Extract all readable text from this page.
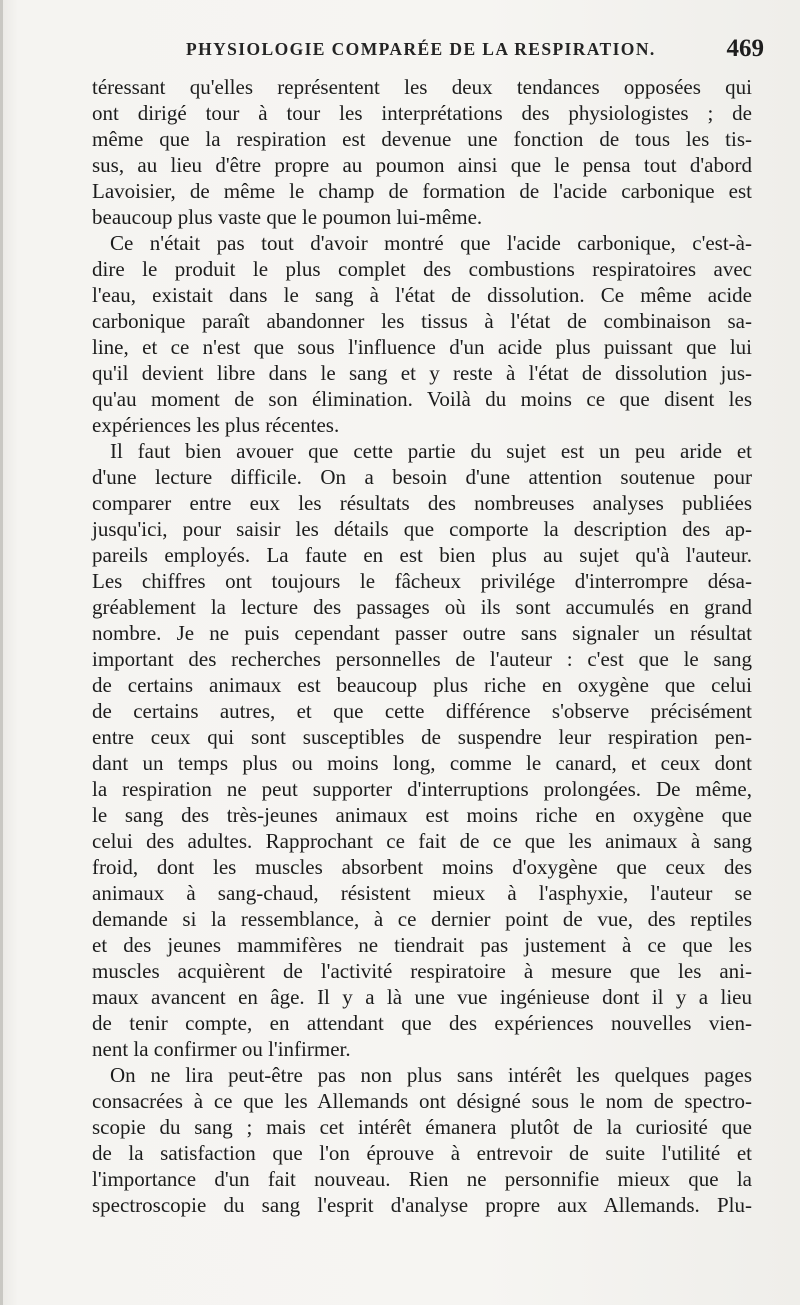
PHYSIOLOGIE COMPARÉE DE LA RESPIRATION.	469
téressant qu'elles représentent les deux tendances opposées qui
ont dirigé tour à tour les interprétations des physiologistes ; de
même que la respiration est devenue une fonction de tous les tis-
sus, au lieu d'être propre au poumon ainsi que le pensa tout d'abord
Lavoisier, de même le champ de formation de l'acide carbonique est
beaucoup plus vaste que le poumon lui-même.
Ce n'était pas tout d'avoir montré que l'acide carbonique, c'est-à-
dire le produit le plus complet des combustions respiratoires avec
l'eau, existait dans le sang à l'état de dissolution. Ce même acide
carbonique paraît abandonner les tissus à l'état de combinaison sa-
line, et ce n'est que sous l'influence d'un acide plus puissant que lui
qu'il devient libre dans le sang et y reste à l'état de dissolution jus-
qu'au moment de son élimination. Voilà du moins ce que disent les
expériences les plus récentes.
Il faut bien avouer que cette partie du sujet est un peu aride et
d'une lecture difficile. On a besoin d'une attention soutenue pour
comparer entre eux les résultats des nombreuses analyses publiées
jusqu'ici, pour saisir les détails que comporte la description des ap-
pareils employés. La faute en est bien plus au sujet qu'à l'auteur.
Les chiffres ont toujours le fâcheux privilége d'interrompre désa-
gréablement la lecture des passages où ils sont accumulés en grand
nombre. Je ne puis cependant passer outre sans signaler un résultat
important des recherches personnelles de l'auteur : c'est que le sang
de certains animaux est beaucoup plus riche en oxygène que celui
de certains autres, et que cette différence s'observe précisément
entre ceux qui sont susceptibles de suspendre leur respiration pen-
dant un temps plus ou moins long, comme le canard, et ceux dont
la respiration ne peut supporter d'interruptions prolongées. De même,
le sang des très-jeunes animaux est moins riche en oxygène que
celui des adultes. Rapprochant ce fait de ce que les animaux à sang
froid, dont les muscles absorbent moins d'oxygène que ceux des
animaux à sang-chaud, résistent mieux à l'asphyxie, l'auteur se
demande si la ressemblance, à ce dernier point de vue, des reptiles
et des jeunes mammifères ne tiendrait pas justement à ce que les
muscles acquièrent de l'activité respiratoire à mesure que les ani-
maux avancent en âge. Il y a là une vue ingénieuse dont il y a lieu
de tenir compte, en attendant que des expériences nouvelles vien-
nent la confirmer ou l'infirmer.
On ne lira peut-être pas non plus sans intérêt les quelques pages
consacrées à ce que les Allemands ont désigné sous le nom de spectro-
scopie du sang ; mais cet intérêt émanera plutôt de la curiosité que
de la satisfaction que l'on éprouve à entrevoir de suite l'utilité et
l'importance d'un fait nouveau. Rien ne personnifie mieux que la
spectroscopie du sang l'esprit d'analyse propre aux Allemands. Plu-
